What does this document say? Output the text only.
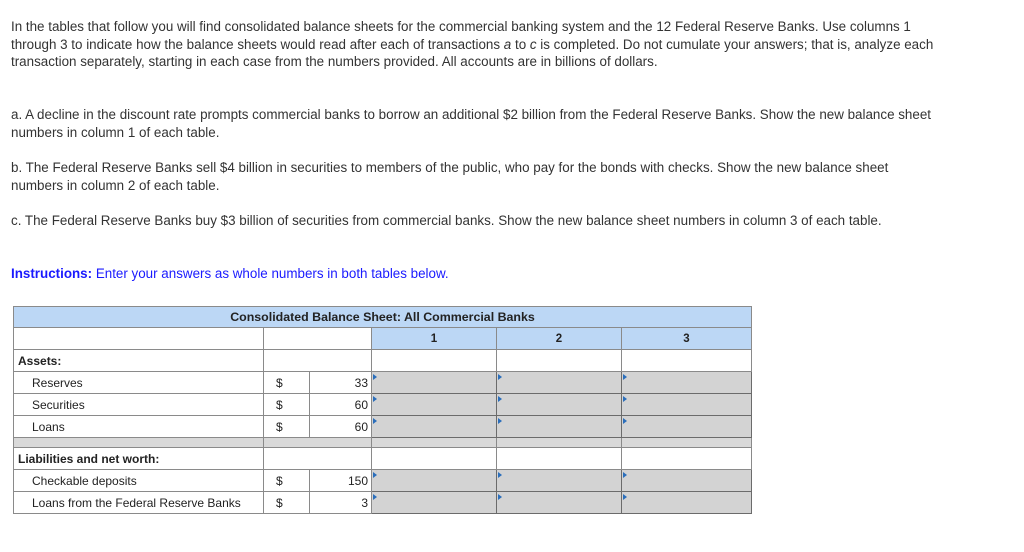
In the tables that follow you will find consolidated balance sheets for the commercial banking system and the 12 Federal Reserve Banks. Use columns 1 through 3 to indicate how the balance sheets would read after each of transactions a to c is completed. Do not cumulate your answers; that is, analyze each transaction separately, starting in each case from the numbers provided. All accounts are in billions of dollars.
a. A decline in the discount rate prompts commercial banks to borrow an additional $2 billion from the Federal Reserve Banks. Show the new balance sheet numbers in column 1 of each table.
b. The Federal Reserve Banks sell $4 billion in securities to members of the public, who pay for the bonds with checks. Show the new balance sheet numbers in column 2 of each table.
c. The Federal Reserve Banks buy $3 billion of securities from commercial banks. Show the new balance sheet numbers in column 3 of each table.
Instructions: Enter your answers as whole numbers in both tables below.
Consolidated Balance Sheet: All Commercial Banks					
			1	2	3
Assets:					
Reserves	$	33	

Securities	$	60	

Loans	$	60	

Liabilities and net worth:					
Checkable deposits	$	150	

Loans from the Federal Reserve Banks	$	3	
